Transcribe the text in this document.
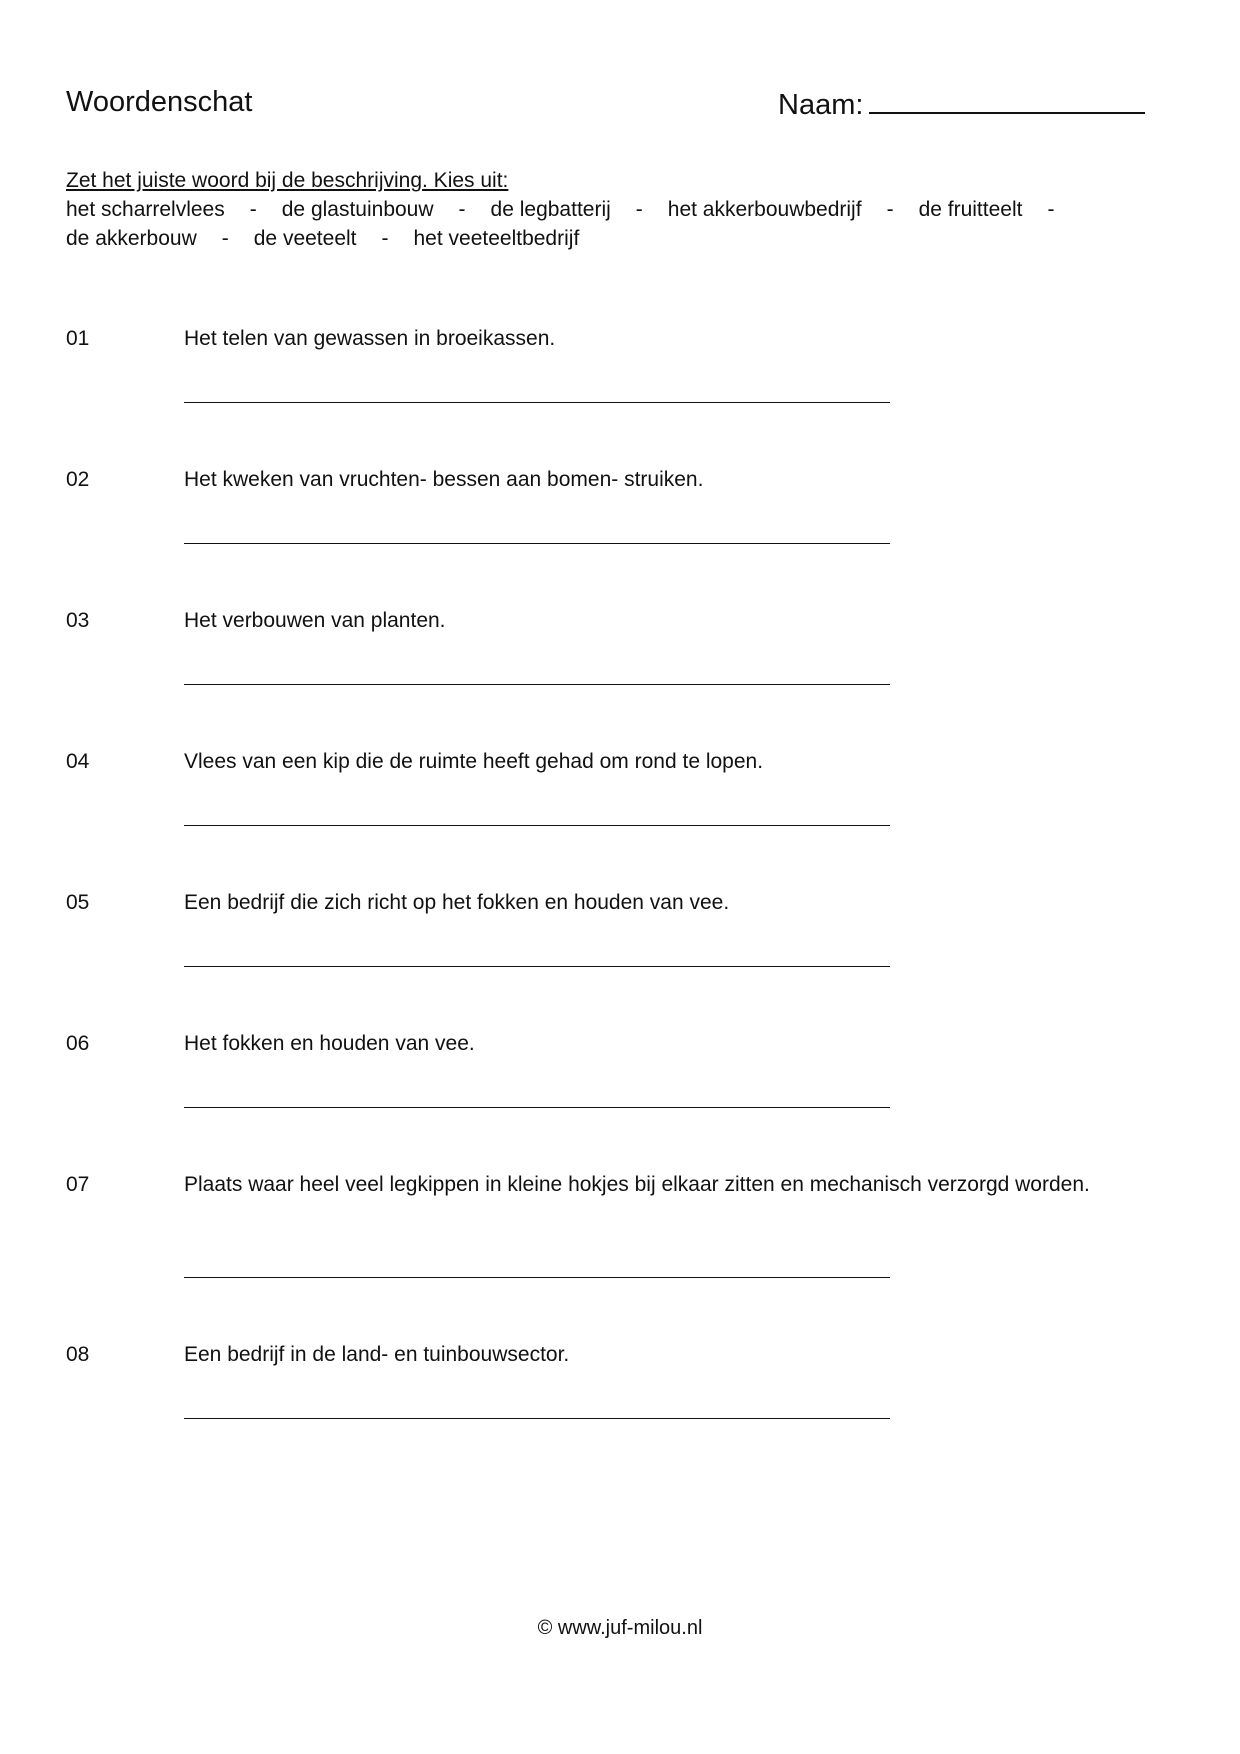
Woordenschat	Naam:
Zet het juiste woord bij de beschrijving. Kies uit:
het scharrelvlees - de glastuinbouw - de legbatterij - het akkerbouwbedrijf - de fruitteelt -
de akkerbouw - de veeteelt - het veeteeltbedrijf
01	Het telen van gewassen in broeikassen.
02	Het kweken van vruchten- bessen aan bomen- struiken.
03	Het verbouwen van planten.
04	Vlees van een kip die de ruimte heeft gehad om rond te lopen.
05	Een bedrijf die zich richt op het fokken en houden van vee.
06	Het fokken en houden van vee.
07	Plaats waar heel veel legkippen in kleine hokjes bij elkaar zitten en mechanisch verzorgd worden.
08	Een bedrijf in de land- en tuinbouwsector.
© www.juf-milou.nl
